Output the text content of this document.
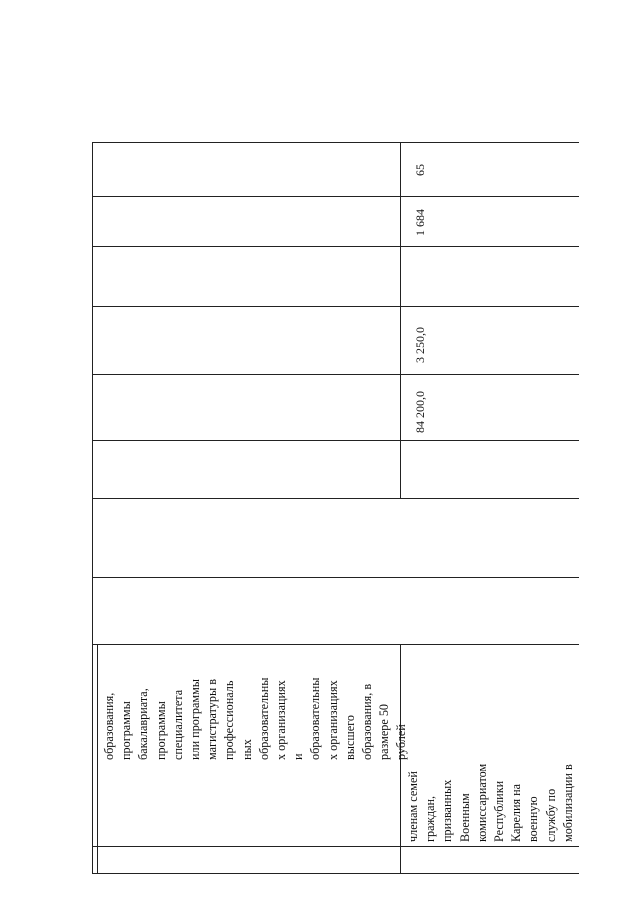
65
1 684
3 250,0
84 200,0
образования, программы бакалавриата, программы специалитета или программы магистратуры в профессиональ ных образовательны х организациях и образовательны х организациях высшего образования, в размере 50 рублей
членам семей граждан, призванных Военным комиссариатом Республики Карелия на военную службу по мобилизации в
